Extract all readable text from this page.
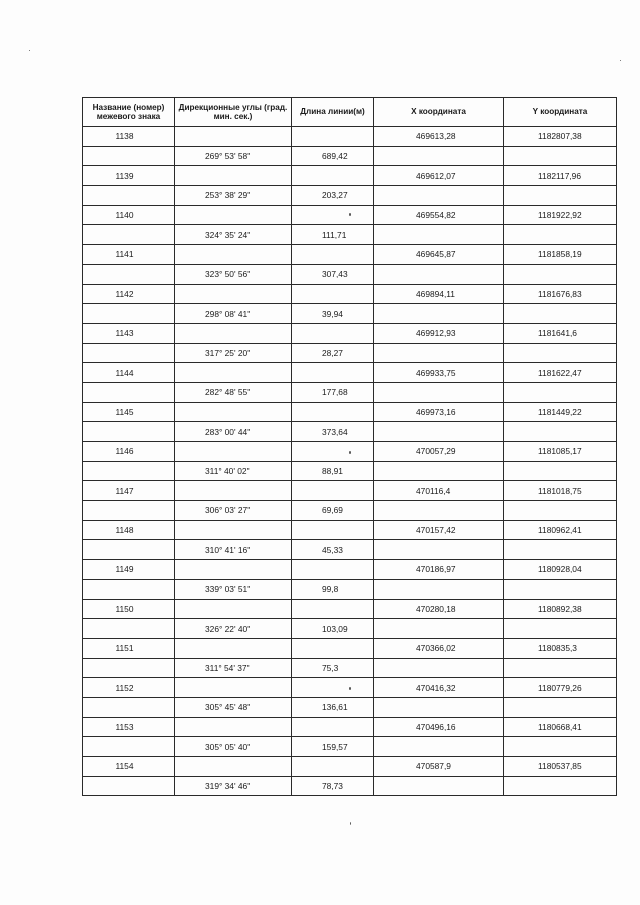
Название (номер) межевого знака	Дирекционные углы (град. мин. сек.)	Длина линии(м)	X координата	Y координата
1138			469613,28	1182807,38
	269° 53' 58"	689,42		
1139			469612,07	1182117,96
	253° 38' 29"	203,27		
1140			469554,82	1181922,92
	324° 35' 24"	111,71		
1141			469645,87	1181858,19
	323° 50' 56"	307,43		
1142			469894,11	1181676,83
	298° 08' 41"	39,94		
1143			469912,93	1181641,6
	317° 25' 20"	28,27		
1144			469933,75	1181622,47
	282° 48' 55"	177,68		
1145			469973,16	1181449,22
	283° 00' 44"	373,64		
1146			470057,29	1181085,17
	311° 40' 02"	88,91		
1147			470116,4	1181018,75
	306° 03' 27"	69,69		
1148			470157,42	1180962,41
	310° 41' 16"	45,33		
1149			470186,97	1180928,04
	339° 03' 51"	99,8		
1150			470280,18	1180892,38
	326° 22' 40"	103,09		
1151			470366,02	1180835,3
	311° 54' 37"	75,3		
1152			470416,32	1180779,26
	305° 45' 48"	136,61		
1153			470496,16	1180668,41
	305° 05' 40"	159,57		
1154			470587,9	1180537,85
	319° 34' 46"	78,73		
